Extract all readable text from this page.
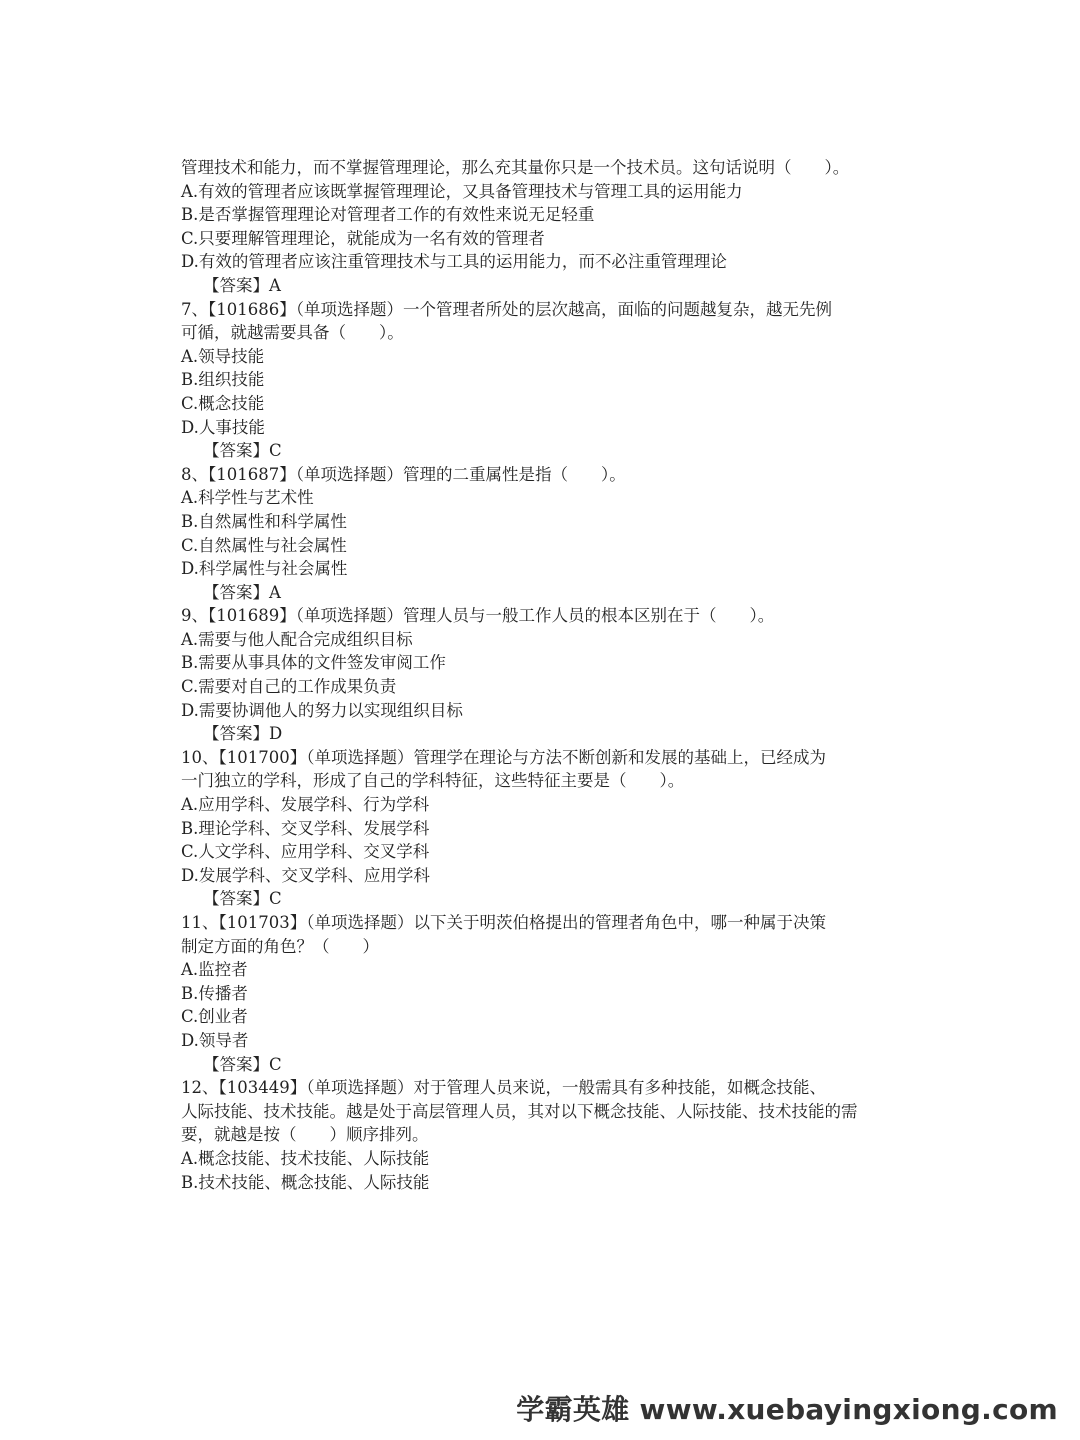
管理技术和能力，而不掌握管理理论，那么充其量你只是一个技术员。这句话说明（　　）。

A.有效的管理者应该既掌握管理理论，又具备管理技术与管理工具的运用能力

B.是否掌握管理理论对管理者工作的有效性来说无足轻重

C.只要理解管理理论，就能成为一名有效的管理者

D.有效的管理者应该注重管理技术与工具的运用能力，而不必注重管理理论

【答案】A

7、【101686】（单项选择题）一个管理者所处的层次越高，面临的问题越复杂，越无先例

可循，就越需要具备（　　）。

A.领导技能

B.组织技能

C.概念技能

D.人事技能

【答案】C

8、【101687】（单项选择题）管理的二重属性是指（　　）。

A.科学性与艺术性

B.自然属性和科学属性

C.自然属性与社会属性

D.科学属性与社会属性

【答案】A

9、【101689】（单项选择题）管理人员与一般工作人员的根本区别在于（　　）。

A.需要与他人配合完成组织目标

B.需要从事具体的文件签发审阅工作

C.需要对自己的工作成果负责

D.需要协调他人的努力以实现组织目标

【答案】D

10、【101700】（单项选择题）管理学在理论与方法不断创新和发展的基础上，已经成为

一门独立的学科，形成了自己的学科特征，这些特征主要是（　　）。

A.应用学科、发展学科、行为学科

B.理论学科、交叉学科、发展学科

C.人文学科、应用学科、交叉学科

D.发展学科、交叉学科、应用学科

【答案】C

11、【101703】（单项选择题）以下关于明茨伯格提出的管理者角色中，哪一种属于决策

制定方面的角色？（　　）

A.监控者

B.传播者

C.创业者

D.领导者

【答案】C

12、【103449】（单项选择题）对于管理人员来说，一般需具有多种技能，如概念技能、

人际技能、技术技能。越是处于高层管理人员，其对以下概念技能、人际技能、技术技能的需

要，就越是按（　　）顺序排列。

A.概念技能、技术技能、人际技能

B.技术技能、概念技能、人际技能

学霸英雄 www.xuebayingxiong.com
